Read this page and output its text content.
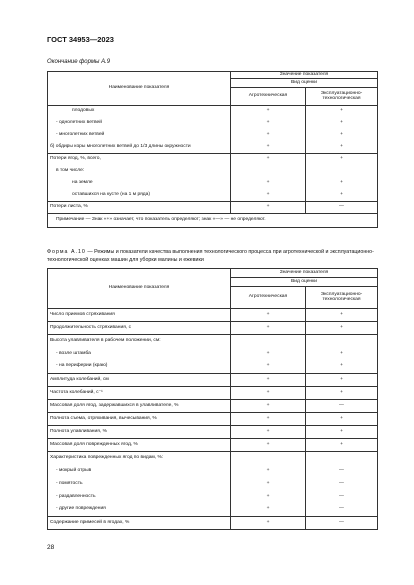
ГОСТ 34953—2023
Окончание формы А.9
Наименование показателя	Значение показателя	
	Вид оценки	
	Агротехническая	Эксплуатационно-технологическая
плодовых	+	+
- однолетних ветвей	+	+
- многолетних ветвей	+	+
б) обдиры коры многолетних ветвей до 1/3 длины окружности	+	+
Потери ягод, %, всего,	+	+
в том числе:		
на земле	+	+
оставшихся на кусте (на 1 м ряда)	+	+
Потери листа, %	+	—
Примечание — Знак «+» означает, что показатель определяют; знак «—» — не определяют.		
Форма А.10 — Режимы и показатели качества выполнения технологического процесса при агротехнической и эксплуатационно-технологической оценках машин для уборки малины и ежевики
Наименование показателя	Значение показателя	
	Вид оценки	
	Агротехническая	Эксплуатационно-технологическая
Число приемов стряхивания	+	+
Продолжительность стряхивания, с	+	+
Высота улавливателя в рабочем положении, см:		
- возле штамба	+	+
- на периферии (краю)	+	+
Амплитуда колебаний, см	+	+
Частота колебаний, с⁻¹	+	+
Массовая доля ягод, задержавшихся в улавливателе, %	+	—
Полнота съема, отряхивания, вычесывания, %	+	+
Полнота улавливания, %	+	+
Массовая доля поврежденных ягод, %	+	+
Характеристика поврежденных ягод по видам, %:		
- мокрый отрыв	+	—
- помятость	+	—
- раздавленность	+	—
- другие повреждения	+	—
Содержание примесей в ягодах, %	+	—
28
